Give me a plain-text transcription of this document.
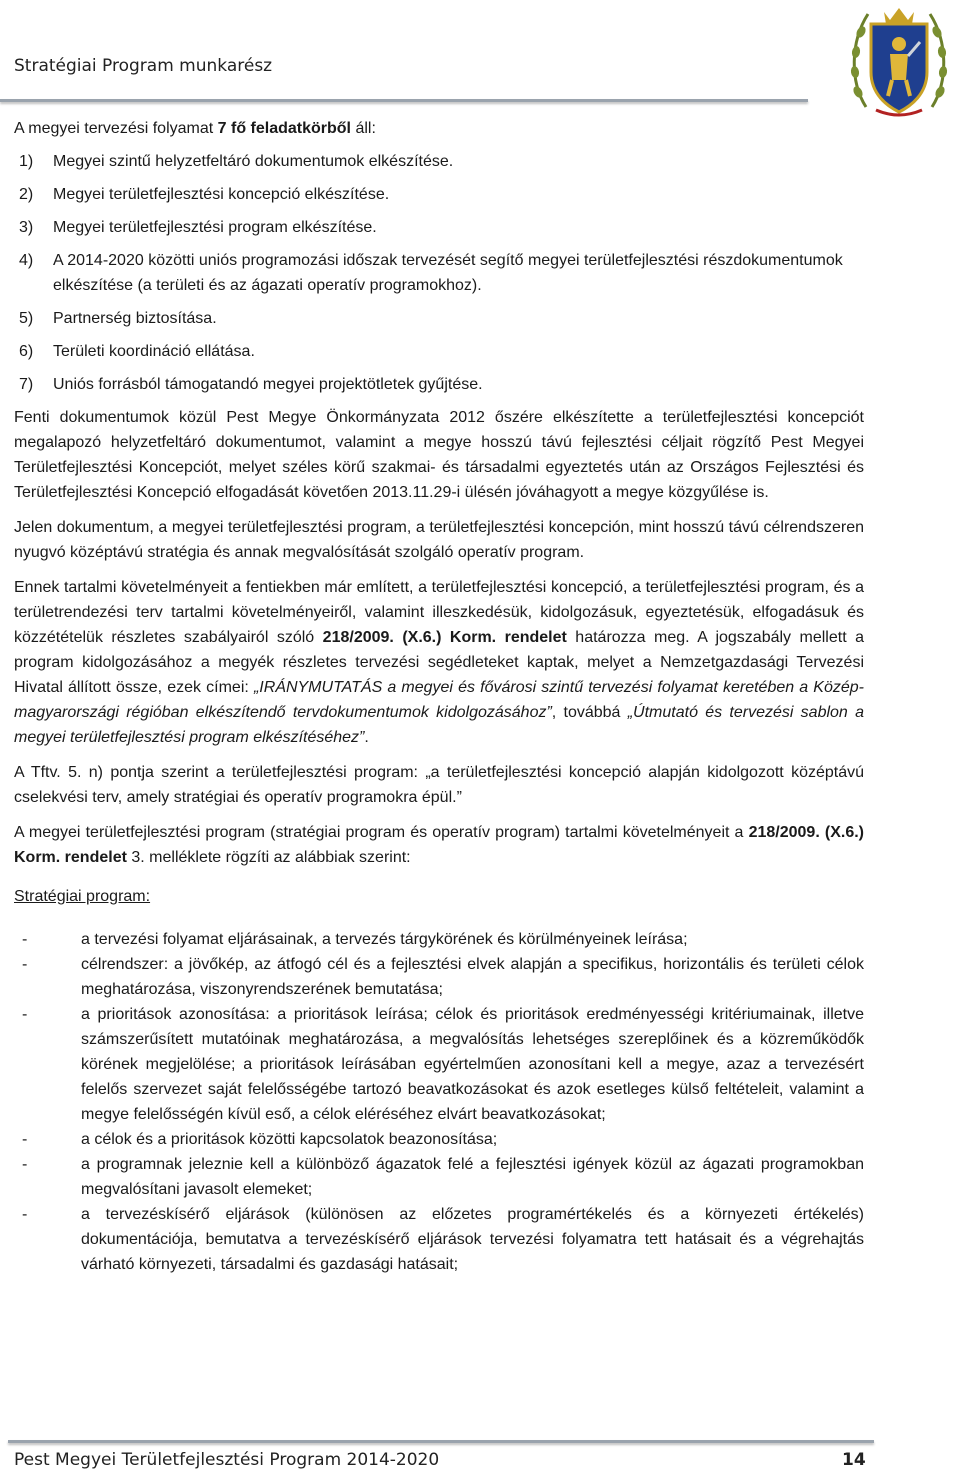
Stratégiai Program munkarész

A megyei tervezési folyamat 7 fő feladatkörből áll:

1)	Megyei szintű helyzetfeltáró dokumentumok elkészítése.
2)	Megyei területfejlesztési koncepció elkészítése.
3)	Megyei területfejlesztési program elkészítése.
4)	A 2014-2020 közötti uniós programozási időszak tervezését segítő megyei területfejlesztési részdokumentumok elkészítése (a területi és az ágazati operatív programokhoz).
5)	Partnerség biztosítása.
6)	Területi koordináció ellátása.
7)	Uniós forrásból támogatandó megyei projektötletek gyűjtése.

Fenti dokumentumok közül Pest Megye Önkormányzata 2012 őszére elkészítette a területfejlesztési koncepciót megalapozó helyzetfeltáró dokumentumot, valamint a megye hosszú távú fejlesztési céljait rögzítő Pest Megyei Területfejlesztési Koncepciót, melyet széles körű szakmai- és társadalmi egyeztetés után az Országos Fejlesztési és Területfejlesztési Koncepció elfogadását követően 2013.11.29-i ülésén jóváhagyott a megye közgyűlése is.

Jelen dokumentum, a megyei területfejlesztési program, a területfejlesztési koncepción, mint hosszú távú célrendszeren nyugvó középtávú stratégia és annak megvalósítását szolgáló operatív program.

Ennek tartalmi követelményeit a fentiekben már említett, a területfejlesztési koncepció, a területfejlesztési program, és a területrendezési terv tartalmi követelményeiről, valamint illeszkedésük, kidolgozásuk, egyeztetésük, elfogadásuk és közzétételük részletes szabályairól szóló 218/2009. (X.6.) Korm. rendelet határozza meg. A jogszabály mellett a program kidolgozásához a megyék részletes tervezési segédleteket kaptak, melyet a Nemzetgazdasági Tervezési Hivatal állított össze, ezek címei: „IRÁNYMUTATÁS a megyei és fővárosi szintű tervezési folyamat keretében a Közép-magyarországi régióban elkészítendő tervdokumentumok kidolgozásához”, továbbá „Útmutató és tervezési sablon a megyei területfejlesztési program elkészítéséhez”.

A Tftv. 5. n) pontja szerint a területfejlesztési program: „a területfejlesztési koncepció alapján kidolgozott középtávú cselekvési terv, amely stratégiai és operatív programokra épül.”

A megyei területfejlesztési program (stratégiai program és operatív program) tartalmi követelményeit a 218/2009. (X.6.) Korm. rendelet 3. melléklete rögzíti az alábbiak szerint:

Stratégiai program:

-	a tervezési folyamat eljárásainak, a tervezés tárgykörének és körülményeinek leírása;
-	célrendszer: a jövőkép, az átfogó cél és a fejlesztési elvek alapján a specifikus, horizontális és területi célok meghatározása, viszonyrendszerének bemutatása;
-	a prioritások azonosítása: a prioritások leírása; célok és prioritások eredményességi kritériumainak, illetve számszerűsített mutatóinak meghatározása, a megvalósítás lehetséges szereplőinek és a közreműködők körének megjelölése; a prioritások leírásában egyértelműen azonosítani kell a megye, azaz a tervezésért felelős szervezet saját felelősségébe tartozó beavatkozásokat és azok esetleges külső feltételeit, valamint a megye felelősségén kívül eső, a célok eléréséhez elvárt beavatkozásokat;
-	a célok és a prioritások közötti kapcsolatok beazonosítása;
-	a programnak jeleznie kell a különböző ágazatok felé a fejlesztési igények közül az ágazati programokban megvalósítani javasolt elemeket;
-	a tervezéskísérő eljárások (különösen az előzetes programértékelés és a környezeti értékelés) dokumentációja, bemutatva a tervezéskísérő eljárások tervezési folyamatra tett hatásait és a végrehajtás várható környezeti, társadalmi és gazdasági hatásait;
Pest Megyei Területfejlesztési Program 2014-2020	14
